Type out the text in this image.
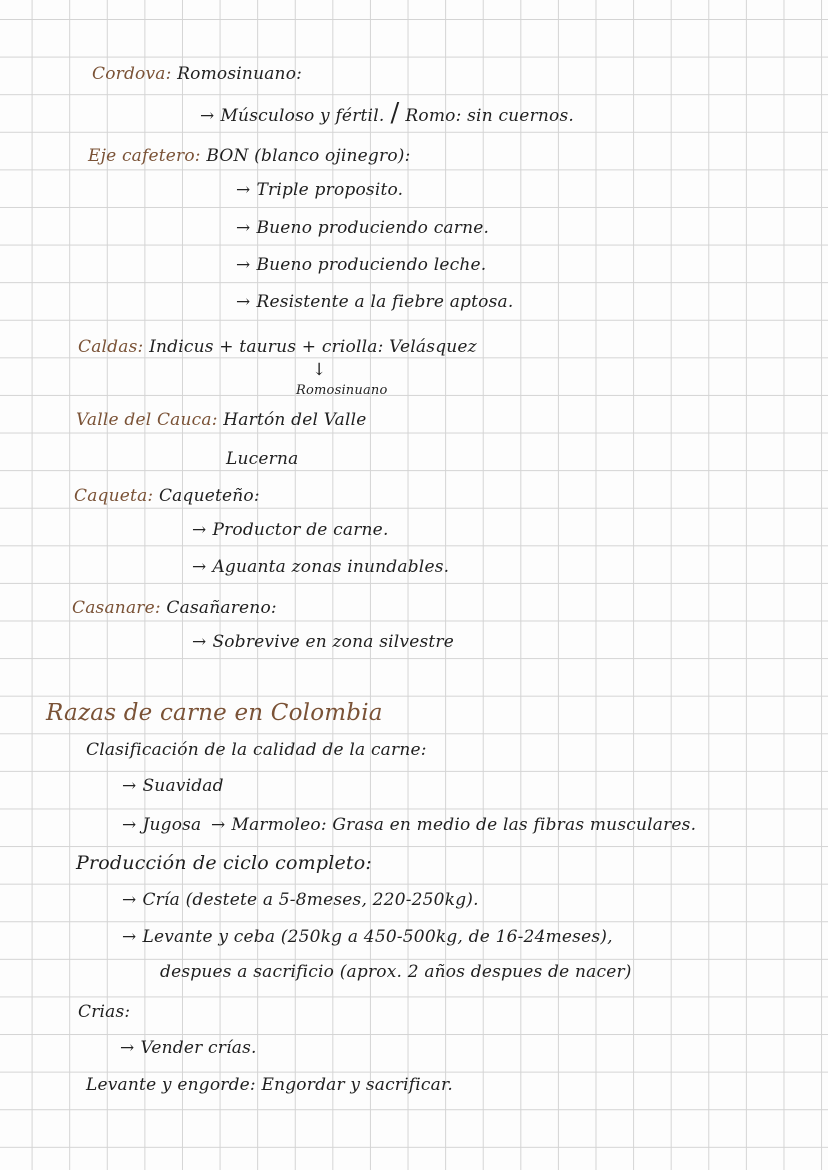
Cordova: Romosinuano:
→ Músculoso y fértil. / Romo: sin cuernos.
Eje cafetero: BON (blanco ojinegro):
→ Triple proposito.
→ Bueno produciendo carne.
→ Bueno produciendo leche.
→ Resistente a la fiebre aptosa.
Caldas: Indicus + taurus + criolla: Velásquez
↓
Romosinuano
Valle del Cauca: Hartón del Valle
Lucerna
Caqueta: Caqueteño:
→ Productor de carne.
→ Aguanta zonas inundables.
Casanare: Casañareno:
→ Sobrevive en zona silvestre
Razas de carne en Colombia
Clasificación de la calidad de la carne:
→ Suavidad
→ Jugosa → Marmoleo: Grasa en medio de las fibras musculares.
Producción de ciclo completo:
→ Cría (destete a 5-8meses, 220-250kg).
→ Levante y ceba (250kg a 450-500kg, de 16-24meses),
despues a sacrificio (aprox. 2 años despues de nacer)
Crias:
→ Vender crías.
Levante y engorde: Engordar y sacrificar.
